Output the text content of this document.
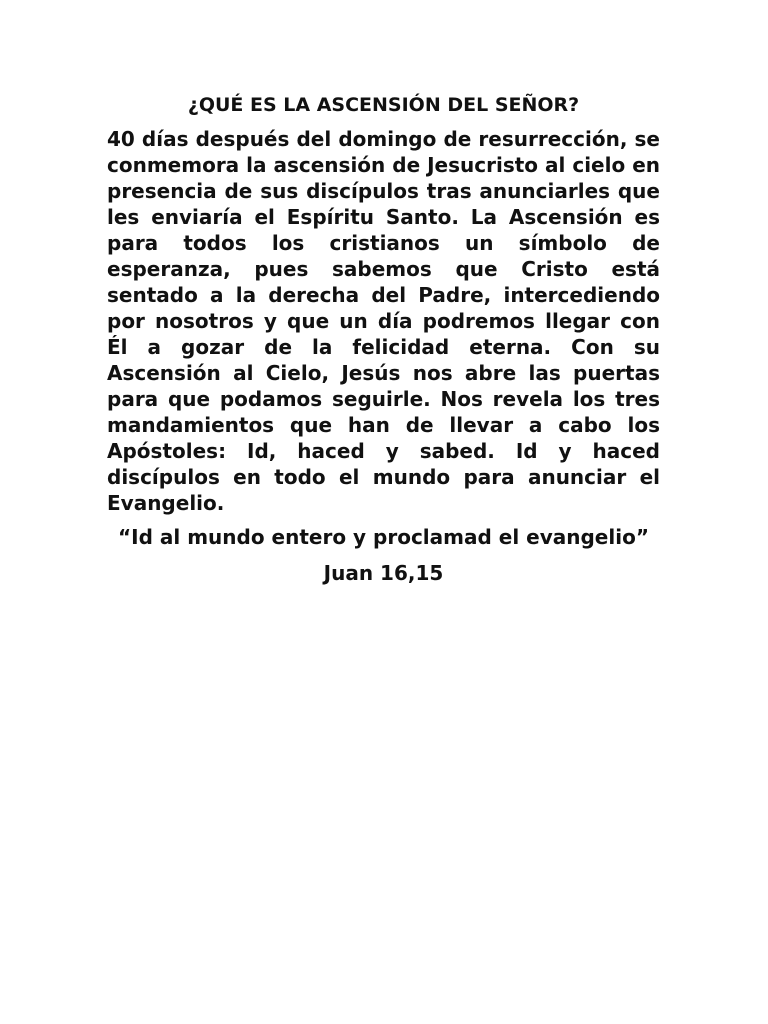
¿QUÉ ES LA ASCENSIÓN DEL SEÑOR?

40 días después del domingo de resurrección, se conmemora la ascensión de Jesucristo al cielo en presencia de sus discípulos tras anunciarles que les enviaría el Espíritu Santo. La Ascensión es para todos los cristianos un símbolo de esperanza, pues sabemos que Cristo está sentado a la derecha del Padre, intercediendo por nosotros y que un día podremos llegar con Él a gozar de la felicidad eterna. Con su Ascensión al Cielo, Jesús nos abre las puertas para que podamos seguirle. Nos revela los tres mandamientos que han de llevar a cabo los Apóstoles: Id, haced y sabed. Id y haced discípulos en todo el mundo para anunciar el Evangelio.

“Id al mundo entero y proclamad el evangelio”

Juan 16,15
